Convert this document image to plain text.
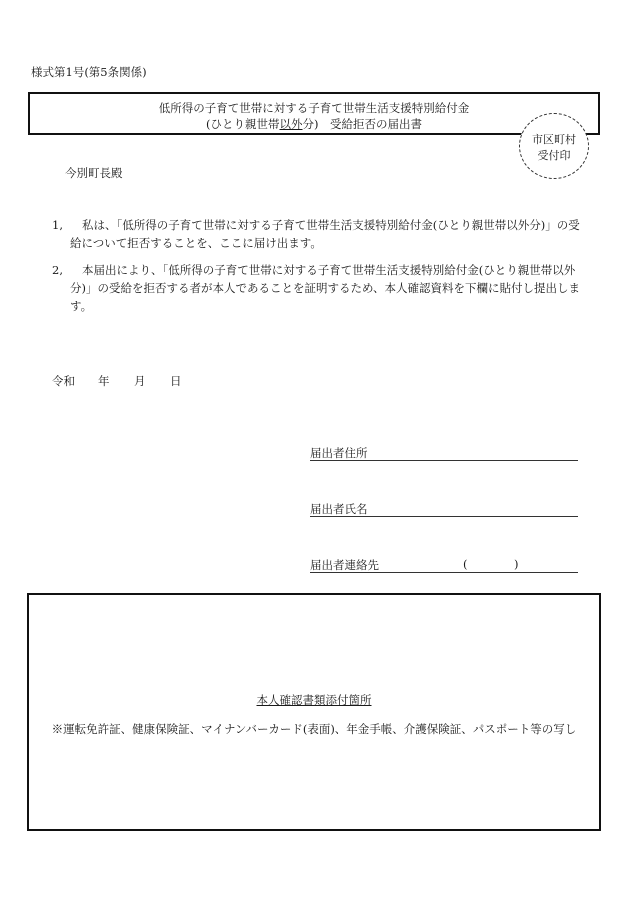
様式第1号(第5条関係)
低所得の子育て世帯に対する子育て世帯生活支援特別給付金
(ひとり親世帯以外分)　受給拒否の届出書
市区町村
受付印
今別町長殿
1,	私は、「低所得の子育て世帯に対する子育て世帯生活支援特別給付金(ひとり親世帯以外分)」の受給について拒否することを、ここに届け出ます。
2,	本届出により、「低所得の子育て世帯に対する子育て世帯生活支援特別給付金(ひとり親世帯以外分)」の受給を拒否する者が本人であることを証明するため、本人確認資料を下欄に貼付し提出します。
令和 年 月 日
届出者住所
届出者氏名
届出者連絡先	(	)
本人確認書類添付箇所
※運転免許証、健康保険証、マイナンバーカード(表面)、年金手帳、介護保険証、パスポート等の写し
